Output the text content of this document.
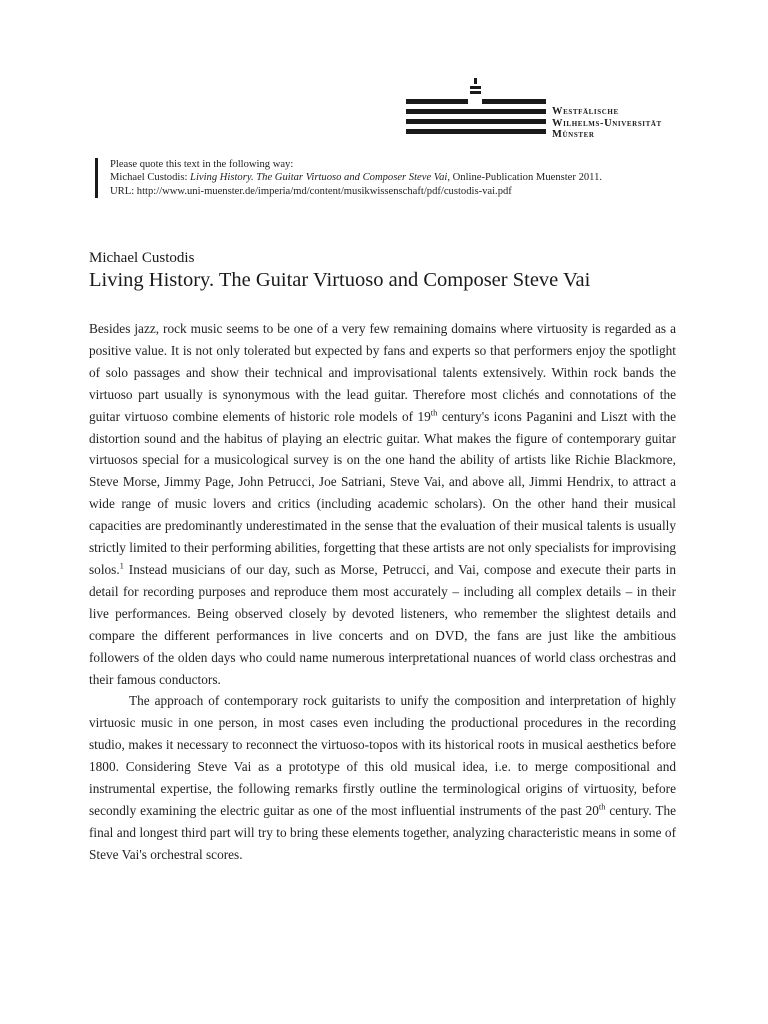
Westfälische
Wilhelms-Universität
Münster
Please quote this text in the following way:
Michael Custodis: Living History. The Guitar Virtuoso and Composer Steve Vai, Online-Publication Muenster 2011.
URL: http://www.uni-muenster.de/imperia/md/content/musikwissenschaft/pdf/custodis-vai.pdf
Michael Custodis
Living History. The Guitar Virtuoso and Composer Steve Vai

Besides jazz, rock music seems to be one of a very few remaining domains where virtuosity is regarded as a positive value. It is not only tolerated but expected by fans and experts so that performers enjoy the spotlight of solo passages and show their technical and improvisational talents extensively. Within rock bands the virtuoso part usually is synonymous with the lead guitar. Therefore most clichés and connotations of the guitar virtuoso combine elements of historic role models of 19th century's icons Paganini and Liszt with the distortion sound and the habitus of playing an electric guitar. What makes the figure of contemporary guitar virtuosos special for a musicological survey is on the one hand the ability of artists like Richie Blackmore, Steve Morse, Jimmy Page, John Petrucci, Joe Satriani, Steve Vai, and above all, Jimmi Hendrix, to attract a wide range of music lovers and critics (including academic scholars). On the other hand their musical capacities are predominantly underestimated in the sense that the evaluation of their musical talents is usually strictly limited to their performing abilities, forgetting that these artists are not only specialists for improvising solos.$^1$ Instead musicians of our day, such as Morse, Petrucci, and Vai, compose and execute their parts in detail for recording purposes and reproduce them most accurately – including all complex details – in their live performances. Being observed closely by devoted listeners, who remember the slightest details and compare the different performances in live concerts and on DVD, the fans are just like the ambitious followers of the olden days who could name numerous interpretational nuances of world class orchestras and their famous conductors.

The approach of contemporary rock guitarists to unify the composition and interpretation of highly virtuosic music in one person, in most cases even including the productional procedures in the recording studio, makes it necessary to reconnect the virtuoso-topos with its historical roots in musical aesthetics before 1800. Considering Steve Vai as a prototype of this old musical idea, i.e. to merge compositional and instrumental expertise, the following remarks firstly outline the terminological origins of virtuosity, before secondly examining the electric guitar as one of the most influential instruments of the past 20th century. The final and longest third part will try to bring these elements together, analyzing characteristic means in some of Steve Vai's orchestral scores.
